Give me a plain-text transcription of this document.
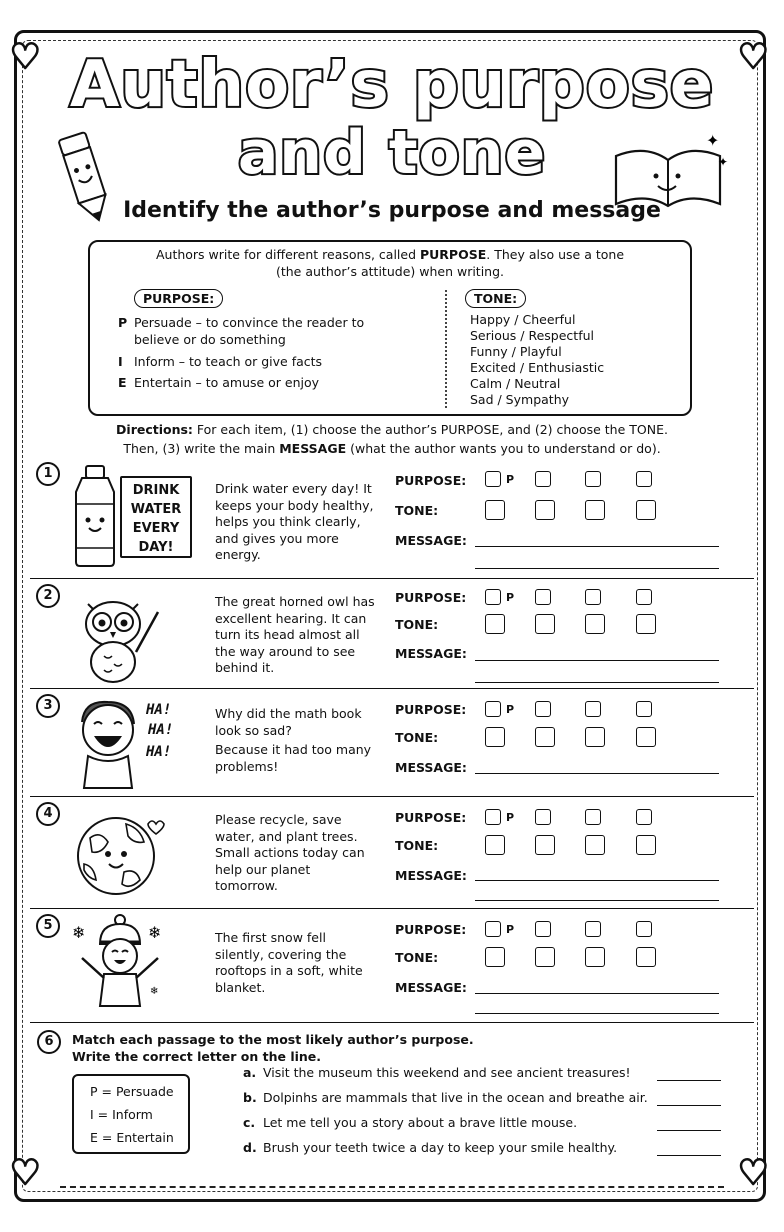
♥	♥
♥	♥
Author’s purpose
and tone	✦
✦
Identify the author’s purpose and message
Authors write for different reasons, called PURPOSE. They also use a tone
(the author’s attitude) when writing.
PURPOSE:	TONE:
P Persuade – to convince the reader to believe or do something
I Inform – to teach or give facts
E Entertain – to amuse or enjoy
Happy / Cheerful
Serious / Respectful
Funny / Playful
Excited / Enthusiastic
Calm / Neutral
Sad / Sympathy
Directions: For each item, (1) choose the author’s PURPOSE, and (2) choose the TONE.
Then, (3) write the main MESSAGE (what the author wants you to understand or do).
1
DRINK
WATER
EVERY
DAY!
Drink water every day! It keeps your body healthy, helps you think clearly, and gives you more energy.
PURPOSE:	P
TONE:
MESSAGE:
2	The great horned owl has excellent hearing. It can turn its head almost all the way around to see behind it.
PURPOSE:	P
TONE:
MESSAGE:
3	HA!
HA!
HA!
Why did the math book look so sad?
Because it had too many problems!
PURPOSE:	P
TONE:
MESSAGE:
4	Please recycle, save water, and plant trees. Small actions today can help our planet tomorrow.
PURPOSE:	P
TONE:
MESSAGE:
5	❄	❄
❄
The first snow fell silently, covering the rooftops in a soft, white blanket.
PURPOSE:	P
TONE:
MESSAGE:
6	Match each passage to the most likely author’s purpose.
Write the correct letter on the line.
P = Persuade
I = Inform
E = Entertain
a. Visit the museum this weekend and see ancient treasures!
b. Dolpinhs are mammals that live in the ocean and breathe air.
c. Let me tell you a story about a brave little mouse.
d. Brush your teeth twice a day to keep your smile healthy.
